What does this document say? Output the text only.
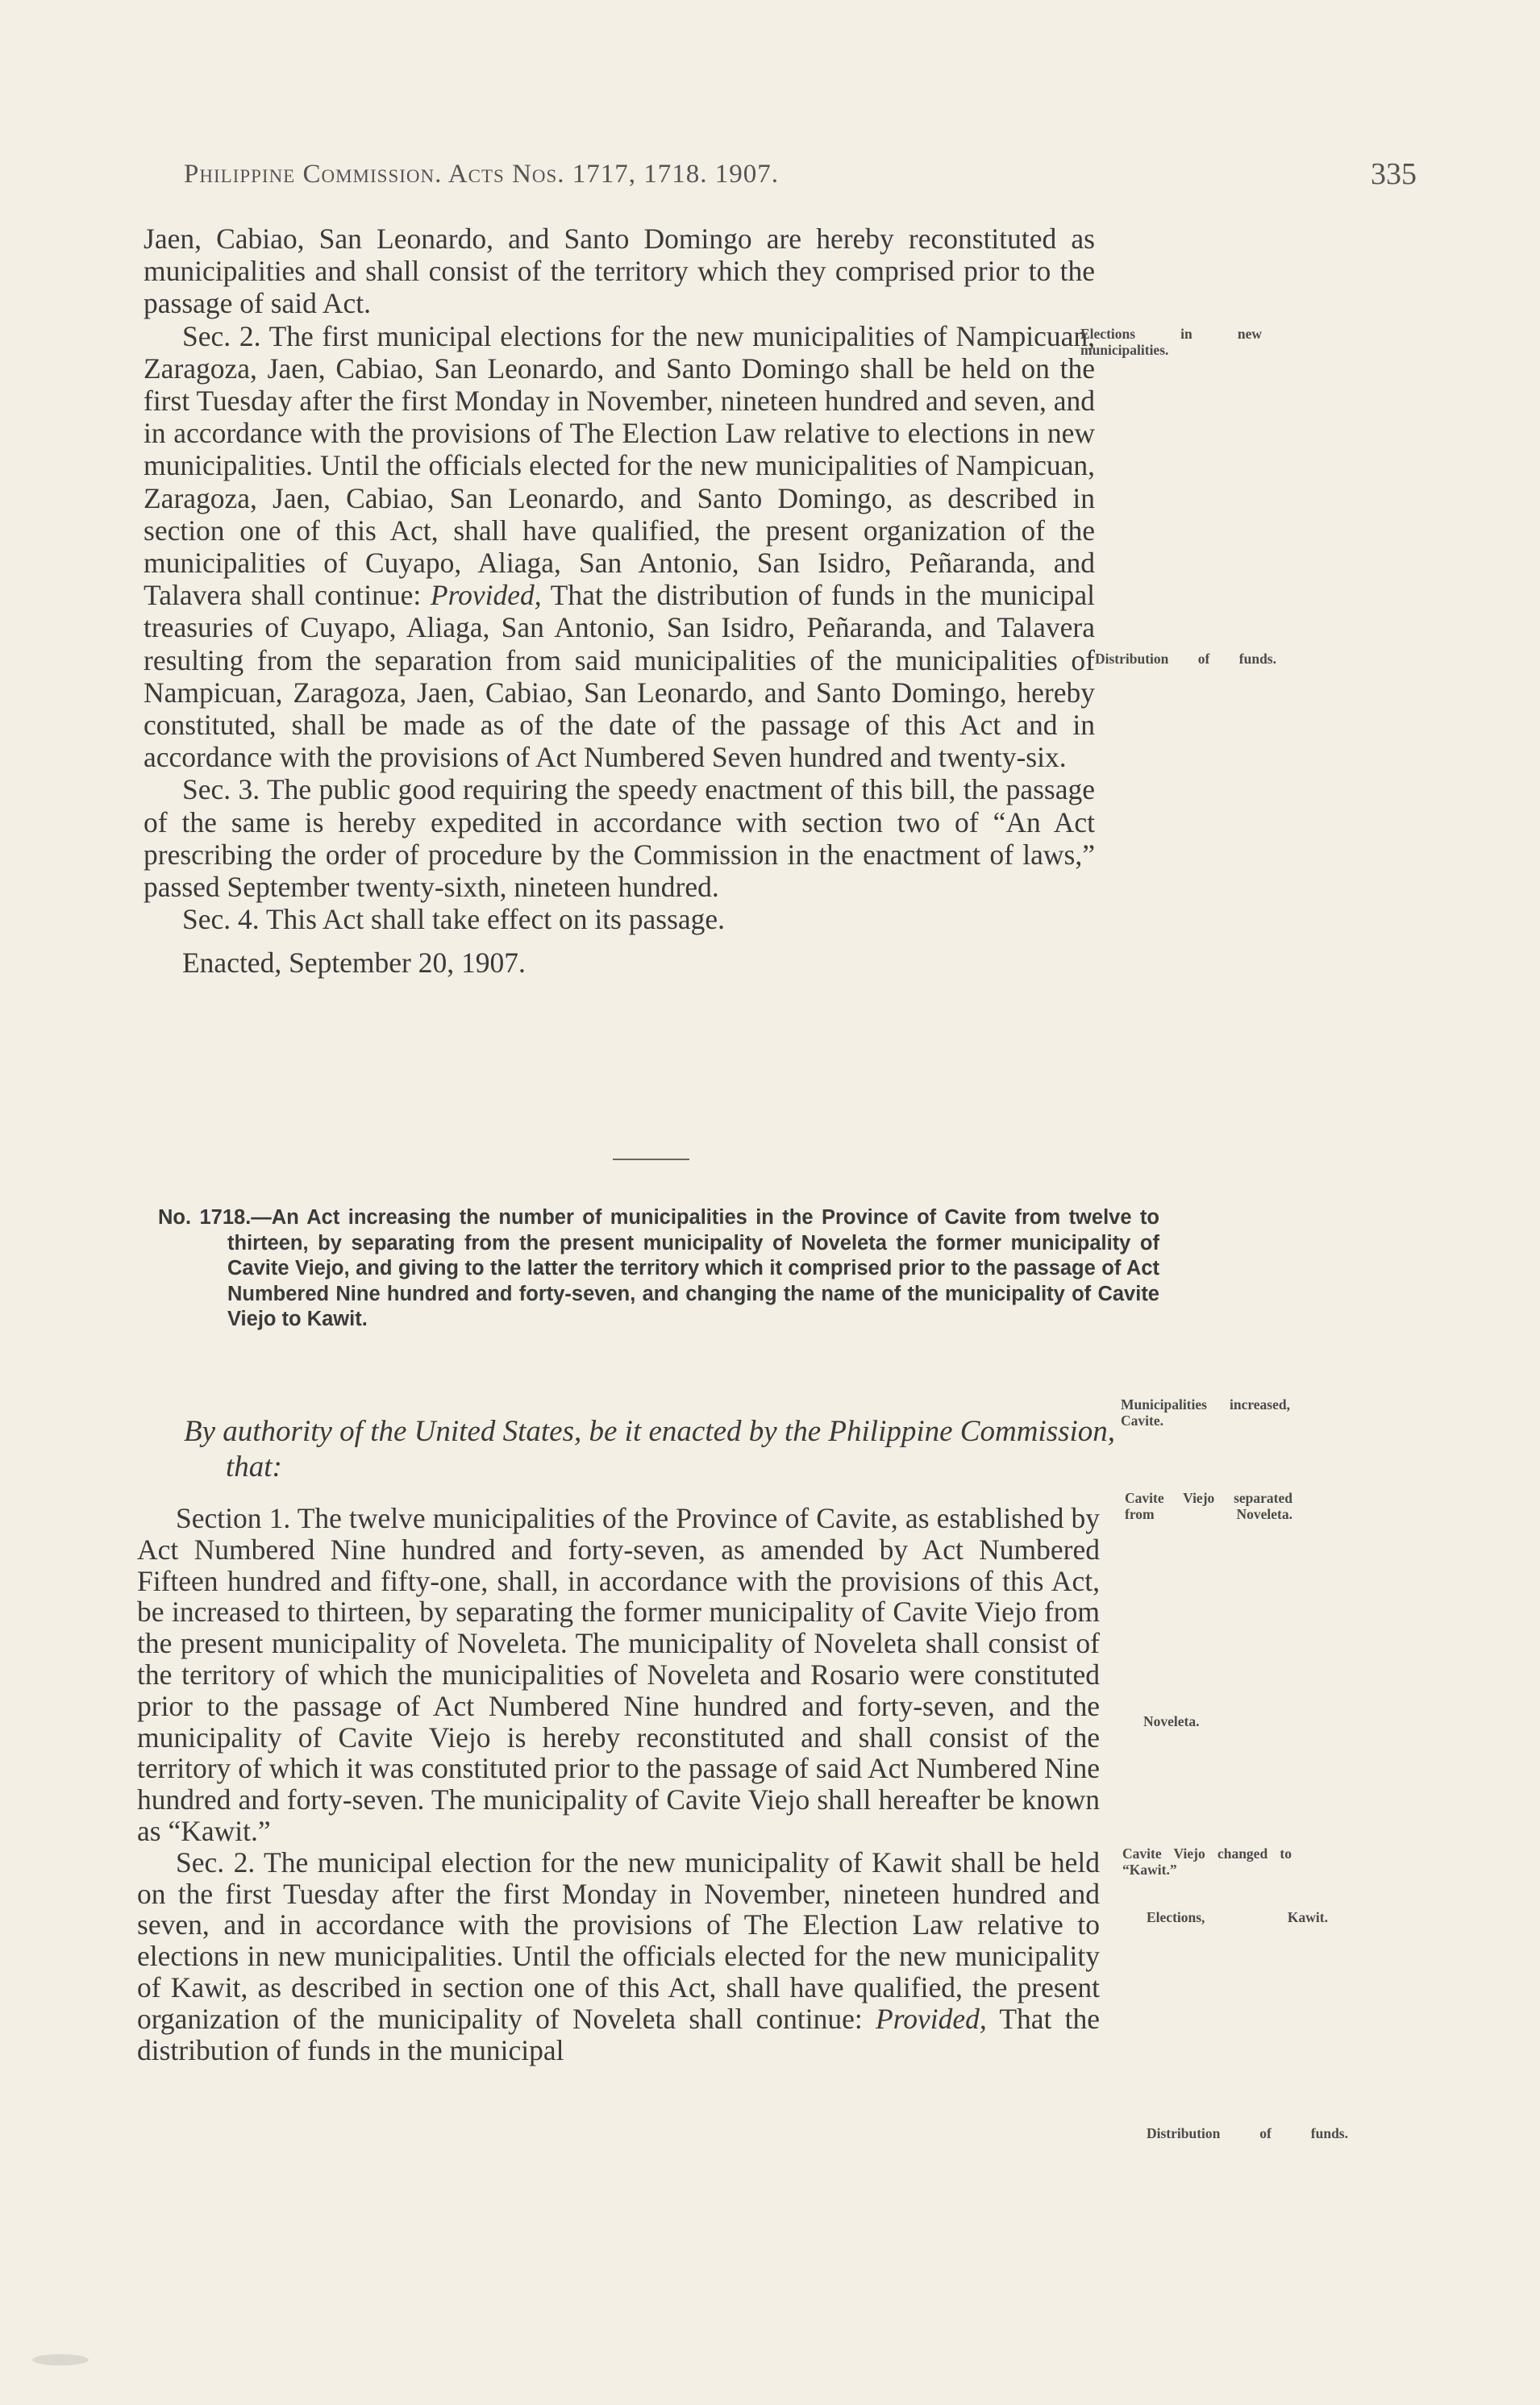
Philippine Commission. Acts Nos. 1717, 1718. 1907.	335

Jaen, Cabiao, San Leonardo, and Santo Domingo are hereby reconstituted as municipalities and shall consist of the territory which they comprised prior to the passage of said Act.

Sec. 2. The first municipal elections for the new municipalities of Nampicuan, Zaragoza, Jaen, Cabiao, San Leonardo, and Santo Domingo shall be held on the first Tuesday after the first Monday in November, nineteen hundred and seven, and in accordance with the provisions of The Election Law relative to elections in new municipalities. Until the officials elected for the new municipalities of Nampicuan, Zaragoza, Jaen, Cabiao, San Leonardo, and Santo Domingo, as described in section one of this Act, shall have qualified, the present organization of the municipalities of Cuyapo, Aliaga, San Antonio, San Isidro, Peñaranda, and Talavera shall continue: Provided, That the distribution of funds in the municipal treasuries of Cuyapo, Aliaga, San Antonio, San Isidro, Peñaranda, and Talavera resulting from the separation from said municipalities of the municipalities of Nampicuan, Zaragoza, Jaen, Cabiao, San Leonardo, and Santo Domingo, hereby constituted, shall be made as of the date of the passage of this Act and in accordance with the provisions of Act Numbered Seven hundred and twenty-six.

Sec. 3. The public good requiring the speedy enactment of this bill, the passage of the same is hereby expedited in accordance with section two of “An Act prescribing the order of procedure by the Commission in the enactment of laws,” passed September twenty-sixth, nineteen hundred.

Sec. 4. This Act shall take effect on its passage.

Enacted, September 20, 1907.

No. 1718.—An Act increasing the number of municipalities in the Province of Cavite from twelve to thirteen, by separating from the present municipality of Noveleta the former municipality of Cavite Viejo, and giving to the latter the territory which it comprised prior to the passage of Act Numbered Nine hundred and forty-seven, and changing the name of the municipality of Cavite Viejo to Kawit.
By authority of the United States, be it enacted by the Philippine Commission, that:

Section 1. The twelve municipalities of the Province of Cavite, as established by Act Numbered Nine hundred and forty-seven, as amended by Act Numbered Fifteen hundred and fifty-one, shall, in accordance with the provisions of this Act, be increased to thirteen, by separating the former municipality of Cavite Viejo from the present municipality of Noveleta. The municipality of Noveleta shall consist of the territory of which the municipalities of Noveleta and Rosario were constituted prior to the passage of Act Numbered Nine hundred and forty-seven, and the municipality of Cavite Viejo is hereby reconstituted and shall consist of the territory of which it was constituted prior to the passage of said Act Numbered Nine hundred and forty-seven. The municipality of Cavite Viejo shall hereafter be known as “Kawit.”

Sec. 2. The municipal election for the new municipality of Kawit shall be held on the first Tuesday after the first Monday in November, nineteen hundred and seven, and in accordance with the provisions of The Election Law relative to elections in new municipalities. Until the officials elected for the new municipality of Kawit, as described in section one of this Act, shall have qualified, the present organization of the municipality of Noveleta shall continue: Provided, That the distribution of funds in the municipal

Elections in new municipalities.
Distribution of funds.
Municipalities increased, Cavite.
Cavite Viejo separated from Noveleta.
Noveleta.
Cavite Viejo changed to “Kawit.”
Elections, Kawit.
Distribution of funds.
